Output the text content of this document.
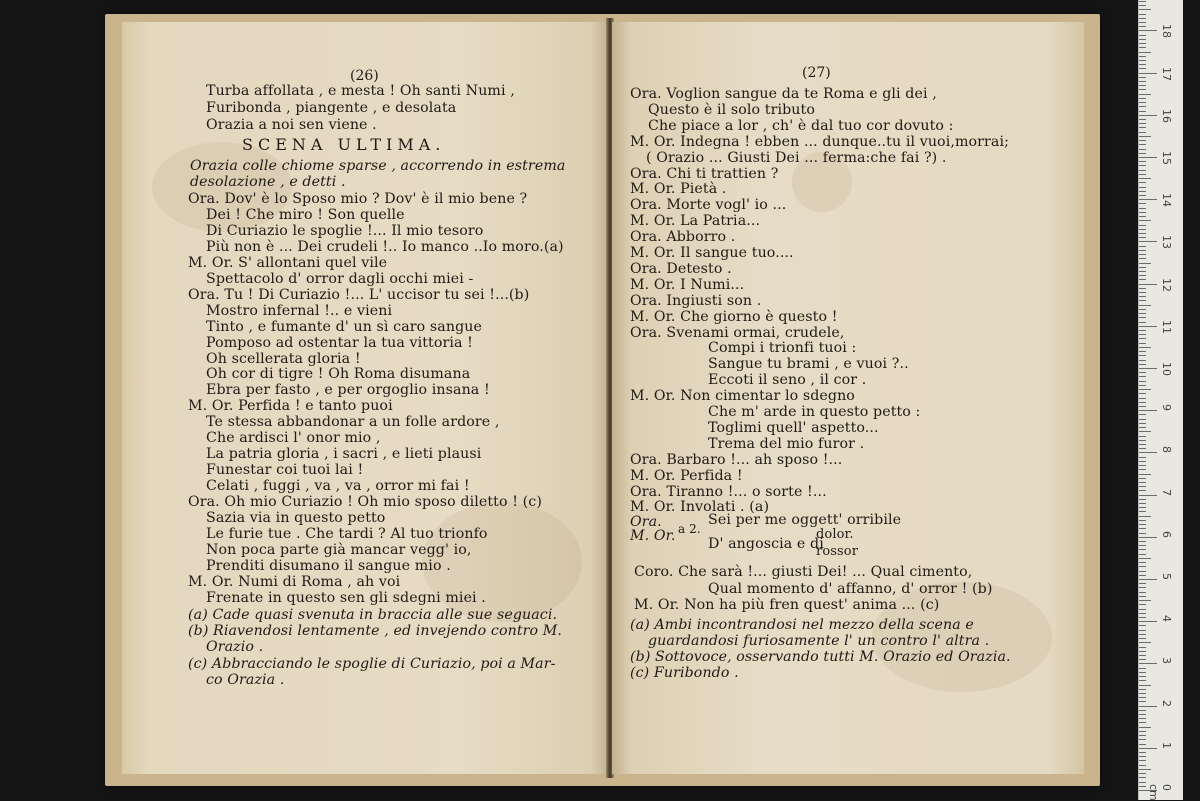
(26)
Turba affollata , e mesta ! Oh santi Numi ,
Furibonda , piangente , e desolata
Orazia a noi sen viene .
SCENA ULTIMA.
Orazia colle chiome sparse , accorrendo in estrema
desolazione , e detti .
Ora. Dov' è lo Sposo mio ? Dov' è il mio bene ?
Dei ! Che miro ! Son quelle
Di Curiazio le spoglie !... Il mio tesoro
Più non è ... Dei crudeli !.. Io manco ..Io moro.(a)
M. Or. S' allontani quel vile
Spettacolo d' orror dagli occhi miei -
Ora. Tu ! Di Curiazio !... L' uccisor tu sei !...(b)
Mostro infernal !.. e vieni
Tinto , e fumante d' un sì caro sangue
Pomposo ad ostentar la tua vittoria !
Oh scellerata gloria !
Oh cor di tigre ! Oh Roma disumana
Ebra per fasto , e per orgoglio insana !
M. Or. Perfida ! e tanto puoi
Te stessa abbandonar a un folle ardore ,
Che ardisci l' onor mio ,
La patria gloria , i sacri , e lieti plausi
Funestar coi tuoi lai !
Celati , fuggi , va , va , orror mi fai !
Ora. Oh mio Curiazio ! Oh mio sposo diletto ! (c)
Sazia via in questo petto
Le furie tue . Che tardi ? Al tuo trionfo
Non poca parte già mancar vegg' io,
Prenditi disumano il sangue mio .
M. Or. Numi di Roma , ah voi
Frenate in questo sen gli sdegni miei .
(a) Cade quasi svenuta in braccia alle sue seguaci.
(b) Riavendosi lentamente , ed invejendo contro M.
Orazio .
(c) Abbracciando le spoglie di Curiazio, poi a Mar-
co Orazia .
(27)
Ora. Voglion sangue da te Roma e gli dei ,
Questo è il solo tributo
Che piace a lor , ch' è dal tuo cor dovuto :
M. Or. Indegna ! ebben ... dunque..tu il vuoi,morrai;
( Orazio ... Giusti Dei ... ferma:che fai ?) .
Ora. Chi ti trattien ?
M. Or. Pietà .
Ora. Morte vogl' io ...
M. Or. La Patria...
Ora. Abborro .
M. Or. Il sangue tuo....
Ora. Detesto .
M. Or. I Numi...
Ora. Ingiusti son .
M. Or. Che giorno è questo !
Ora. Svenami ormai, crudele,
Compi i trionfi tuoi :
Sangue tu brami , e vuoi ?..
Eccoti il seno , il cor .
M. Or. Non cimentar lo sdegno
Che m' arde in questo petto :
Toglimi quell' aspetto...
Trema del mio furor .
Ora. Barbaro !... ah sposo !...
M. Or. Perfida !
Ora. Tiranno !... o sorte !...
M. Or. Involati . (a)
Ora.
M. Or. a 2.
Sei per me oggett' orribile
D' angoscia e di
dolor.
rossor
Coro. Che sarà !... giusti Dei! ... Qual cimento,
Qual momento d' affanno, d' orror ! (b)
M. Or. Non ha più fren quest' anima ... (c)
(a) Ambi incontrandosi nel mezzo della scena e
guardandosi furiosamente l' un contro l' altra .
(b) Sottovoce, osservando tutti M. Orazio ed Orazia.
(c) Furibondo .
18
17
16
15
14
13
12
11
10
9
8
7
6
5
4
3
2
1
0 cm
